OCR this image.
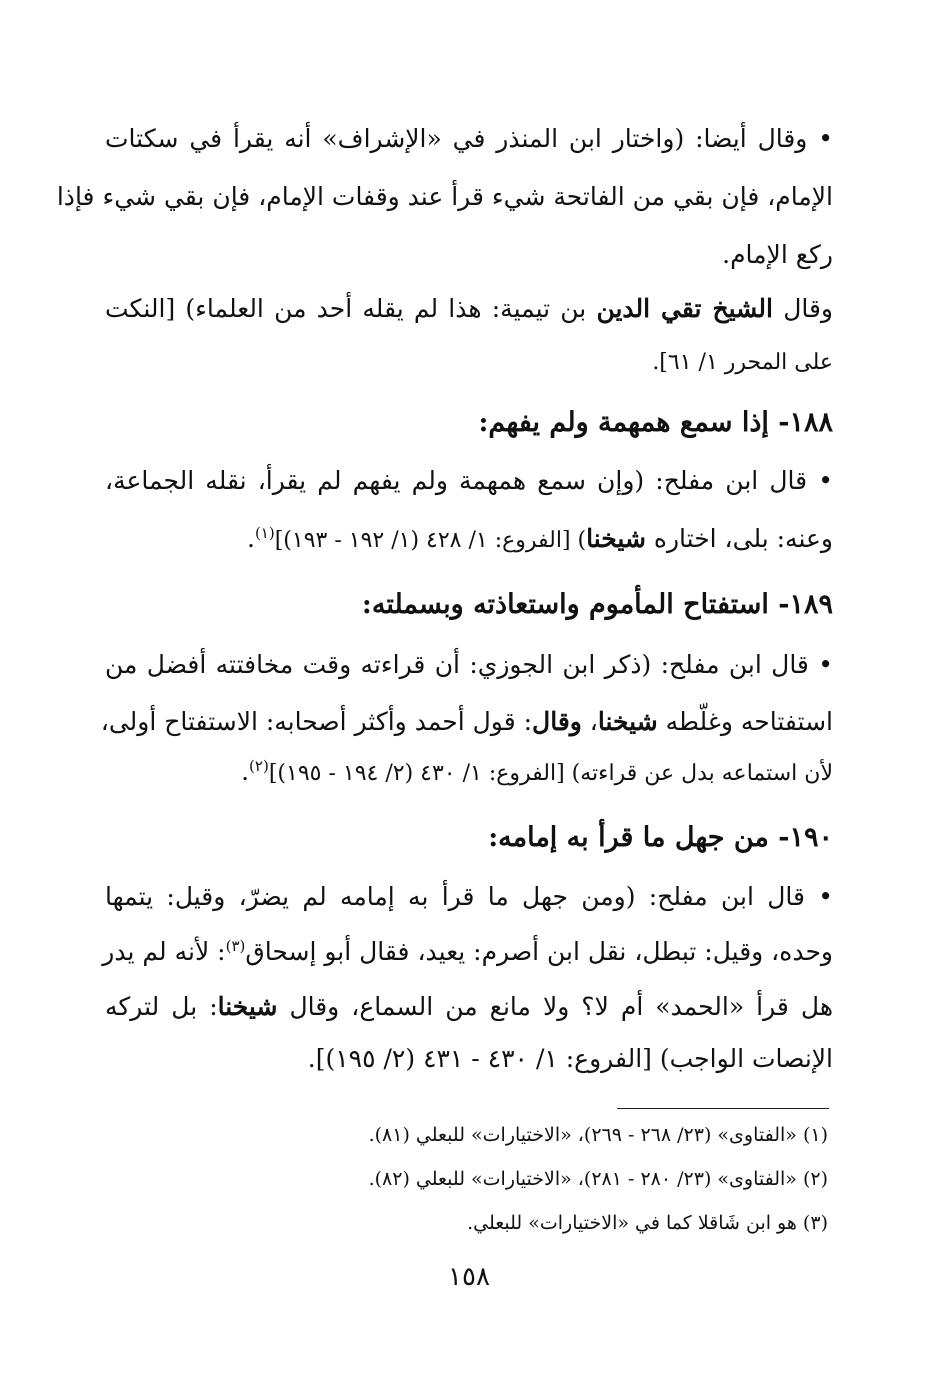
• وقال أيضا: (واختار ابن المنذر في «الإشراف» أنه يقرأ في سكتات
الإمام، فإن بقي من الفاتحة شيء قرأ عند وقفات الإمام، فإن بقي شيء فإذا
ركع الإمام.
وقال الشيخ تقي الدين بن تيمية: هذا لم يقله أحد من العلماء) [النكت
على المحرر ١/ ٦١].
١٨٨- إذا سمع همهمة ولم يفهم:
• قال ابن مفلح: (وإن سمع همهمة ولم يفهم لم يقرأ، نقله الجماعة،
وعنه: بلى، اختاره شيخنا) [الفروع: ١/ ٤٢٨ (١/ ١٩٢ - ١٩٣)]$^{(١)}$.
١٨٩- استفتاح المأموم واستعاذته وبسملته:
• قال ابن مفلح: (ذكر ابن الجوزي: أن قراءته وقت مخافتته أفضل من
استفتاحه وغلّطه شيخنا، وقال: قول أحمد وأكثر أصحابه: الاستفتاح أولى،
لأن استماعه بدل عن قراءته) [الفروع: ١/ ٤٣٠ (٢/ ١٩٤ - ١٩٥)]$^{(٢)}$.
١٩٠- من جهل ما قرأ به إمامه:
• قال ابن مفلح: (ومن جهل ما قرأ به إمامه لم يضرّ، وقيل: يتمها
وحده، وقيل: تبطل، نقل ابن أصرم: يعيد، فقال أبو إسحاق$^{(٣)}$: لأنه لم يدر
هل قرأ «الحمد» أم لا؟ ولا مانع من السماع، وقال شيخنا: بل لتركه
الإنصات الواجب) [الفروع: ١/ ٤٣٠ - ٤٣١ (٢/ ١٩٥)].
(١) «الفتاوى» (٢٣/ ٢٦٨ - ٢٦٩)، «الاختيارات» للبعلي (٨١).
(٢) «الفتاوى» (٢٣/ ٢٨٠ - ٢٨١)، «الاختيارات» للبعلي (٨٢).
(٣) هو ابن شَاقلا كما في «الاختيارات» للبعلي.
١٥٨
